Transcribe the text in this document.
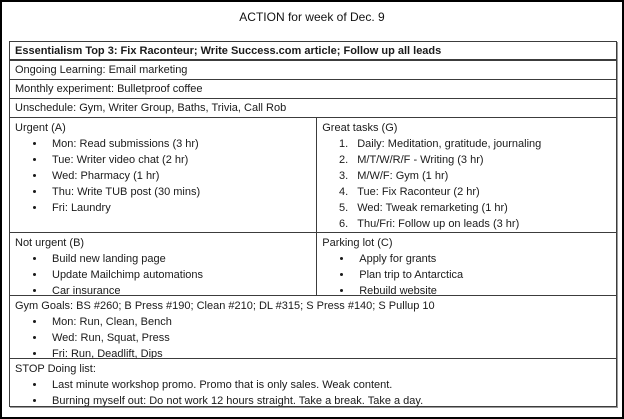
ACTION for week of Dec. 9
Essentialism Top 3: Fix Raconteur; Write Success.com article; Follow up all leads
Ongoing Learning: Email marketing
Monthly experiment: Bulletproof coffee
Unschedule: Gym, Writer Group, Baths, Trivia, Call Rob
Urgent (A)
• Mon: Read submissions (3 hr)
• Tue: Writer video chat (2 hr)
• Wed: Pharmacy (1 hr)
• Thu: Write TUB post (30 mins)
• Fri: Laundry
Great tasks (G)
1. Daily: Meditation, gratitude, journaling
2. M/T/W/R/F - Writing (3 hr)
3. M/W/F: Gym (1 hr)
4. Tue: Fix Raconteur (2 hr)
5. Wed: Tweak remarketing (1 hr)
6. Thu/Fri: Follow up on leads (3 hr)
Not urgent (B)
• Build new landing page
• Update Mailchimp automations
• Car insurance
Parking lot (C)
• Apply for grants
• Plan trip to Antarctica
• Rebuild website
Gym Goals: BS #260; B Press #190; Clean #210; DL #315; S Press #140; S Pullup 10
• Mon: Run, Clean, Bench
• Wed: Run, Squat, Press
• Fri: Run, Deadlift, Dips
STOP Doing list:
• Last minute workshop promo. Promo that is only sales. Weak content.
• Burning myself out: Do not work 12 hours straight. Take a break. Take a day.
